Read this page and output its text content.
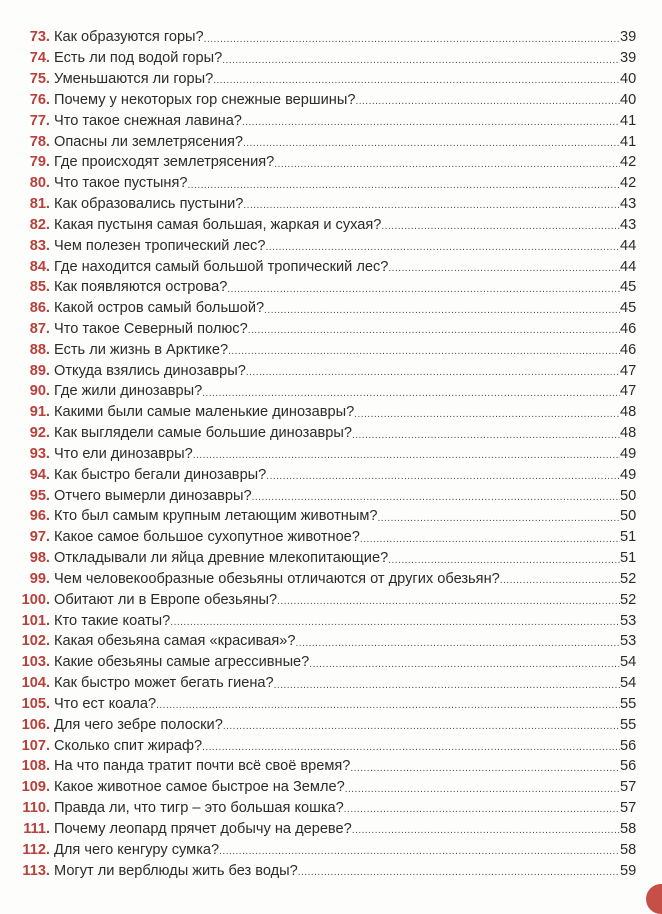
73. Как образуются горы? .....	39
74. Есть ли под водой горы? .....	39
75. Уменьшаются ли горы? .....	40
76. Почему у некоторых гор снежные вершины? .....	40
77. Что такое снежная лавина? .....	41
78. Опасны ли землетрясения? .....	41
79. Где происходят землетрясения? .....	42
80. Что такое пустыня? .....	42
81. Как образовались пустыни? .....	43
82. Какая пустыня самая большая, жаркая и сухая? .....	43
83. Чем полезен тропический лес? .....	44
84. Где находится самый большой тропический лес? .....	44
85. Как появляются острова? .....	45
86. Какой остров самый большой? .....	45
87. Что такое Северный полюс? .....	46
88. Есть ли жизнь в Арктике? .....	46
89. Откуда взялись динозавры? .....	47
90. Где жили динозавры? .....	47
91. Какими были самые маленькие динозавры? .....	48
92. Как выглядели самые большие динозавры? .....	48
93. Что ели динозавры? .....	49
94. Как быстро бегали динозавры? .....	49
95. Отчего вымерли динозавры? .....	50
96. Кто был самым крупным летающим животным? .....	50
97. Какое самое большое сухопутное животное? .....	51
98. Откладывали ли яйца древние млекопитающие? .....	51
99. Чем человекообразные обезьяны отличаются от других обезьян? .....	52
100. Обитают ли в Европе обезьяны? .....	52
101. Кто такие коаты? .....	53
102. Какая обезьяна самая «красивая»? .....	53
103. Какие обезьяны самые агрессивные? .....	54
104. Как быстро может бегать гиена? .....	54
105. Что ест коала? .....	55
106. Для чего зебре полоски? .....	55
107. Сколько спит жираф? .....	56
108. На что панда тратит почти всё своё время? .....	56
109. Какое животное самое быстрое на Земле? .....	57
110. Правда ли, что тигр – это большая кошка? .....	57
111. Почему леопард прячет добычу на дереве? .....	58
112. Для чего кенгуру сумка? .....	58
113. Могут ли верблюды жить без воды? .....	59
